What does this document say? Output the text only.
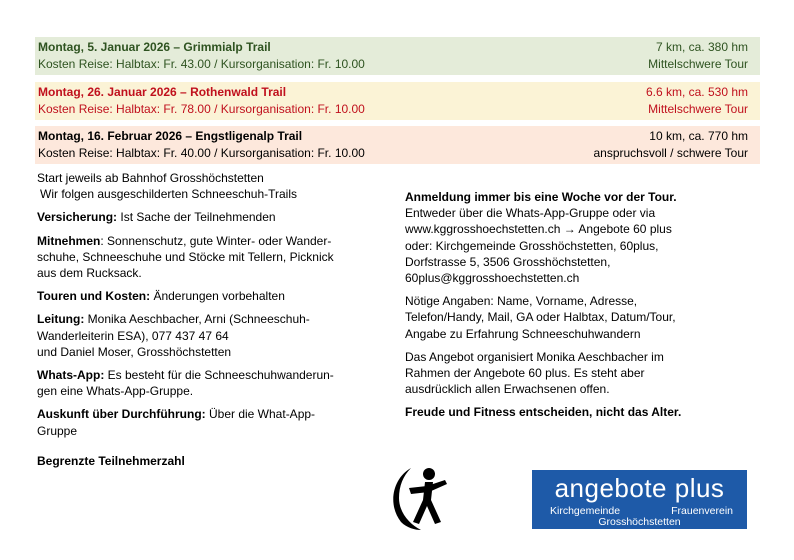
Montag, 5. Januar 2026 – Grimmialp Trail	7 km, ca. 380 hm
Kosten Reise: Halbtax: Fr. 43.00 / Kursorganisation: Fr. 10.00	Mittelschwere Tour
Montag, 26. Januar 2026 – Rothenwald Trail	6.6 km, ca. 530 hm
Kosten Reise: Halbtax: Fr. 78.00 / Kursorganisation: Fr. 10.00	Mittelschwere Tour
Montag, 16. Februar 2026 – Engstligenalp Trail	10 km, ca. 770 hm
Kosten Reise: Halbtax: Fr. 40.00 / Kursorganisation: Fr. 10.00	anspruchsvoll / schwere Tour

Start jeweils ab Bahnhof Grosshöchstetten
Wir folgen ausgeschilderten Schneeschuh-Trails

Versicherung: Ist Sache der Teilnehmenden

Mitnehmen: Sonnenschutz, gute Winter- oder Wander-
schuhe, Schneeschuhe und Stöcke mit Tellern, Picknick
aus dem Rucksack.

Touren und Kosten: Änderungen vorbehalten

Leitung: Monika Aeschbacher, Arni (Schneeschuh-
Wanderleiterin ESA), 077 437 47 64
und Daniel Moser, Grosshöchstetten

Whats-App: Es besteht für die Schneeschuhwanderun-
gen eine Whats-App-Gruppe.

Auskunft über Durchführung: Über die What-App-
Gruppe

Begrenzte Teilnehmerzahl

Anmeldung immer bis eine Woche vor der Tour.
Entweder über die Whats-App-Gruppe oder via
www.kggrosshoechstetten.ch → Angebote 60 plus
oder: Kirchgemeinde Grosshöchstetten, 60plus,
Dorfstrasse 5, 3506 Grosshöchstetten,
60plus@kggrosshoechstetten.ch

Nötige Angaben: Name, Vorname, Adresse,
Telefon/Handy, Mail, GA oder Halbtax, Datum/Tour,
Angabe zu Erfahrung Schneeschuhwandern

Das Angebot organisiert Monika Aeschbacher im
Rahmen der Angebote 60 plus. Es steht aber
ausdrücklich allen Erwachsenen offen.

Freude und Fitness entscheiden, nicht das Alter.

angebote plus
Kirchgemeinde	Frauenverein
Grosshöchstetten
